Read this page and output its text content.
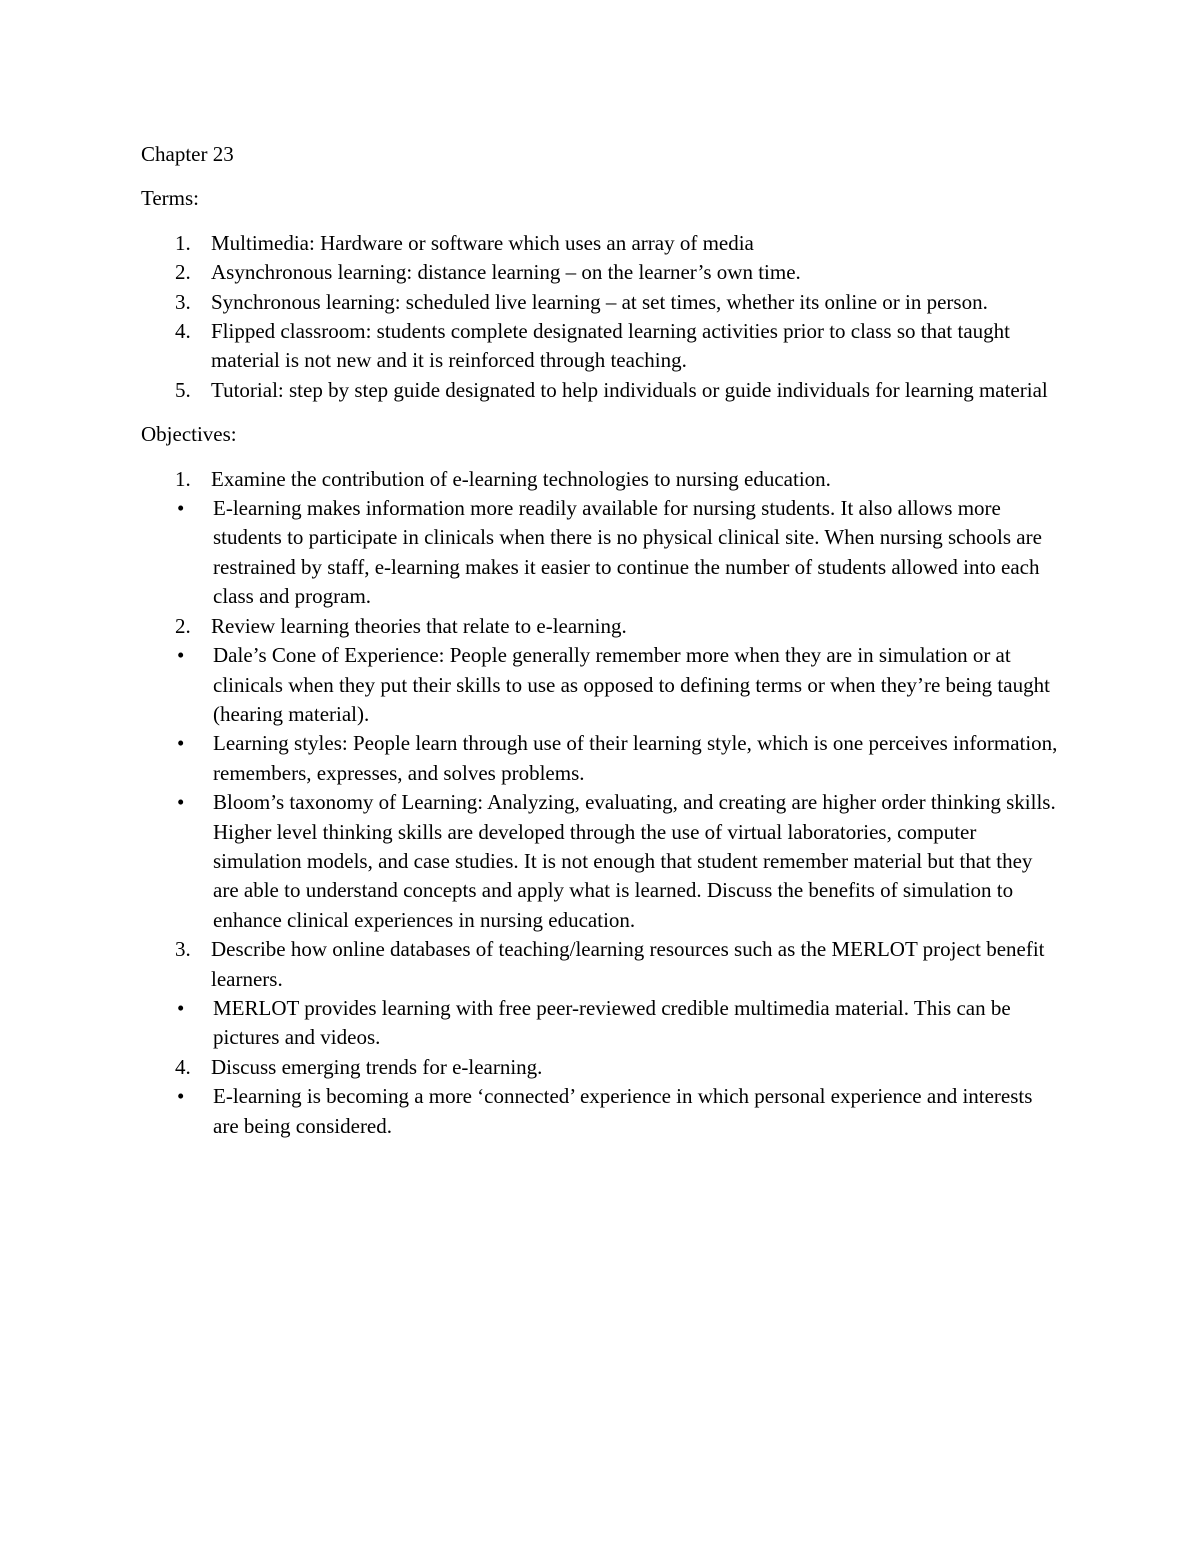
Chapter 23

Terms:

1. Multimedia: Hardware or software which uses an array of media
2. Asynchronous learning: distance learning – on the learner’s own time.
3. Synchronous learning: scheduled live learning – at set times, whether its online or in person.
4. Flipped classroom: students complete designated learning activities prior to class so that taught material is not new and it is reinforced through teaching.
5. Tutorial: step by step guide designated to help individuals or guide individuals for learning material

Objectives:

1. Examine the contribution of e-learning technologies to nursing education.
• E-learning makes information more readily available for nursing students. It also allows more students to participate in clinicals when there is no physical clinical site. When nursing schools are restrained by staff, e-learning makes it easier to continue the number of students allowed into each class and program.
2. Review learning theories that relate to e-learning.
• Dale’s Cone of Experience: People generally remember more when they are in simulation or at clinicals when they put their skills to use as opposed to defining terms or when they’re being taught (hearing material).
• Learning styles: People learn through use of their learning style, which is one perceives information, remembers, expresses, and solves problems.
• Bloom’s taxonomy of Learning: Analyzing, evaluating, and creating are higher order thinking skills. Higher level thinking skills are developed through the use of virtual laboratories, computer simulation models, and case studies. It is not enough that student remember material but that they are able to understand concepts and apply what is learned. Discuss the benefits of simulation to enhance clinical experiences in nursing education.
3. Describe how online databases of teaching/learning resources such as the MERLOT project benefit learners.
• MERLOT provides learning with free peer-reviewed credible multimedia material. This can be pictures and videos.
4. Discuss emerging trends for e-learning.
• E-learning is becoming a more ‘connected’ experience in which personal experience and interests are being considered.
